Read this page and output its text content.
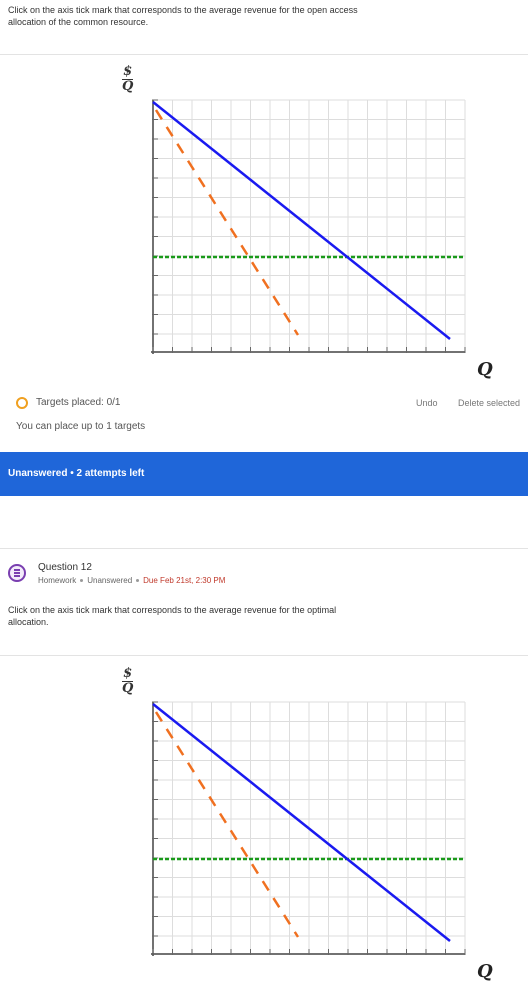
Click on the axis tick mark that corresponds to the average revenue for the open access allocation of the common resource.
$
Q
Q
Targets placed: 0/1	Undo Delete selected
You can place up to 1 targets
Unanswered • 2 attempts left
Question 12
Homework Unanswered Due Feb 21st, 2:30 PM
Click on the axis tick mark that corresponds to the average revenue for the optimal allocation.
$
Q
Q
